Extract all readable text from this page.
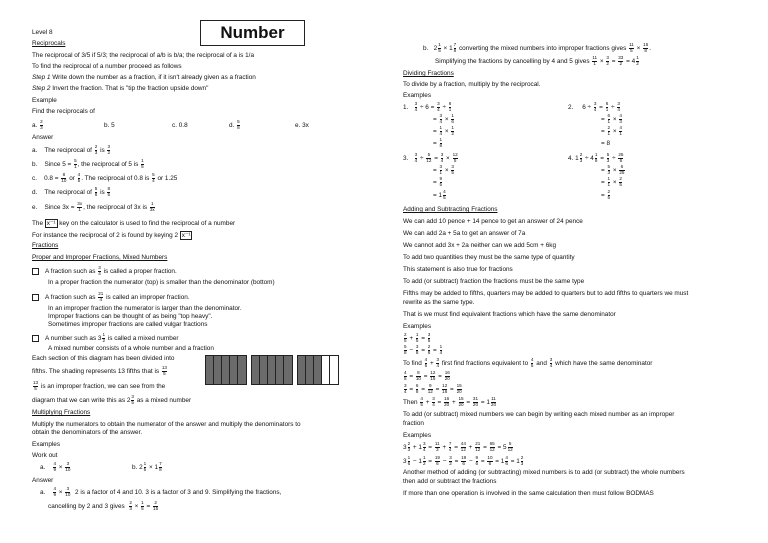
Number
Level 8
Reciprocals
The reciprocal of 3/5 if 5/3; the reciprocal of a/b is b/a; the reciprocal of a is 1/a
To find the reciprocal of a number proceed as follows
Step 1 Write down the number as a fraction, if it isn't already given as a fraction
Step 2 Invert the fraction. That is "tip the fraction upside down"
Example
Find the reciprocals of
a. $\frac{2}{3}$	b. 5	c. 0.8	d. $\frac{5}{8}$	e. 3x
Answer
a. The reciprocal of $\frac{2}{3}$ is $\frac{3}{2}$
b. Since $5 = \frac{5}{1}$ , the reciprocal of 5 is $\frac{1}{5}$
c. $0.8 = \frac{8}{10}$ or $\frac{4}{5}$ . The reciprocal of 0.8 is $\frac{5}{4}$ or 1.25
d. The reciprocal of $\frac{5}{8}$ is $\frac{8}{5}$
e. Since $3x = \frac{3x}{1}$ , the reciprocal of 3x is $\frac{1}{3x}$
The x⁻¹ key on the calculator is used to find the reciprocal of a number
For instance the reciprocal of 2 is found by keying 2 x⁻¹
Fractions
Proper and Improper Fractions, Mixed Numbers
A fraction such as $\frac{3}{4}$ is called a proper fraction.
In a proper fraction the numerator (top) is smaller than the denominator (bottom)
A fraction such as $\frac{21}{4}$ is called an improper fraction.
In an improper fraction the numerator is larger than the denominator.
Improper fractions can be thought of as being "top heavy".
Sometimes improper fractions are called vulgar fractions
A number such as $3 \frac{1}{2}$ is called a mixed number
A mixed number consists of a whole number and a fraction
Each section of this diagram has been divided into
fifths. The shading represents 13 fifths that is $\frac{13}{5}$
$\frac{13}{5}$ is an improper fraction, we can see from the
diagram that we can write this as $2 \frac{3}{5}$ as a mixed number
Multiplying Fractions
Multiply the numerators to obtain the numerator of the answer and multiply the denominators to
obtain the denominators of the answer.
Examples
Work out
a. $\frac{4}{9} \times \frac{3}{10}$	b. $2 \frac{1}{5} \times 1 \frac{7}{8}$
Answer
a. $\frac{4}{9} \times \frac{3}{10} 2$ is a factor of 4 and 10. 3 is a factor of 3 and 9. Simplifying the fractions,
cancelling by 2 and 3 gives $\frac{2}{3} \times \frac{1}{5} = \frac{2}{15}$
b.   $2 \frac{1}{5} \times 1 \frac{7}{8}$ converting the mixed numbers into improper fractions gives $\frac{11}{5} \times \frac{15}{8}$ .
Simplifying the fractions by cancelling by 4 and 5 gives $\frac{11}{1} \times \frac{3}{2} = \frac{33}{2} = 4 \frac{1}{2}$
Dividing Fractions
To divide by a fraction, multiply by the reciprocal.
Examples
1. $\frac{3}{4} \div 6 = \frac{3}{4} \div \frac{6}{1}$
= $\frac{3}{4} \times \frac{1}{6}$
= $\frac{1}{4} \times \frac{1}{2}$
= $\frac{1}{8}$
2.     $6 \div \frac{3}{4} = \frac{6}{1} \div \frac{3}{4}$
= $\frac{6}{1} \times \frac{4}{3}$
= $\frac{2}{1} \times \frac{4}{1}$
= 8
3. $\frac{3}{4} \div \frac{5}{12} = \frac{3}{4} \times \frac{12}{5}$
= $\frac{3}{1} \times \frac{3}{5}$
= $\frac{9}{5}$
= $1 \frac{4}{5}$
4. $1 \frac{2}{3} \div 4 \frac{1}{6} = \frac{5}{3} \div \frac{25}{6}$
= $\frac{5}{3} \times \frac{6}{25}$
= $\frac{1}{1} \times \frac{2}{5}$
= $\frac{2}{5}$
Adding and Subtracting Fractions
We can add 10 pence + 14 pence to get an answer of 24 pence
We can add 2a + 5a to get an answer of 7a
We cannot add 3x + 2a neither can we add 5cm + 6kg
To add two quantities they must be the same type of quantity
This statement is also true for fractions
To add (or subtract) fraction the fractions must be the same type
Fifths may be added to fifths, quarters may be added to quarters but to add fifths to quarters we must
rewrite as the same type.
That is we must find equivalent fractions which have the same denominator
Examples
$\frac{2}{5} + \frac{1}{5} = \frac{3}{5}$
$\frac{5}{8} - \frac{3}{8} = \frac{2}{8} = \frac{1}{4}$
To find $\frac{4}{5} + \frac{3}{4}$ first find fractions equivalent to $\frac{4}{5}$ and $\frac{3}{4}$ which have the same denominator
$\frac{4}{5} = \frac{8}{10} = \frac{12}{15} = \frac{16}{20}$
$\frac{3}{4} = \frac{6}{8} = \frac{9}{12} = \frac{12}{16} = \frac{15}{20}$
Then $\frac{4}{5} + \frac{3}{4} = \frac{16}{20} + \frac{15}{20} = \frac{31}{20} = 1 \frac{11}{20}$
To add (or subtract) mixed numbers we can begin by writing each mixed number as an improper
fraction
Examples
$3 \frac{2}{3} + 1 \frac{3}{4} = \frac{11}{3} + \frac{7}{4} = \frac{44}{12} + \frac{21}{12} = \frac{65}{12} = 5 \frac{5}{12}$
$3 \frac{1}{6} - 1 \frac{1}{2} = \frac{19}{6} - \frac{3}{2} = \frac{19}{6} - \frac{9}{6} = \frac{10}{6} = 1 \frac{4}{6} = 1 \frac{2}{3}$
Another method of adding (or subtracting) mixed numbers is to add (or subtract) the whole numbers
then add or subtract the fractions
If more than one operation is involved in the same calculation then must follow BODMAS
